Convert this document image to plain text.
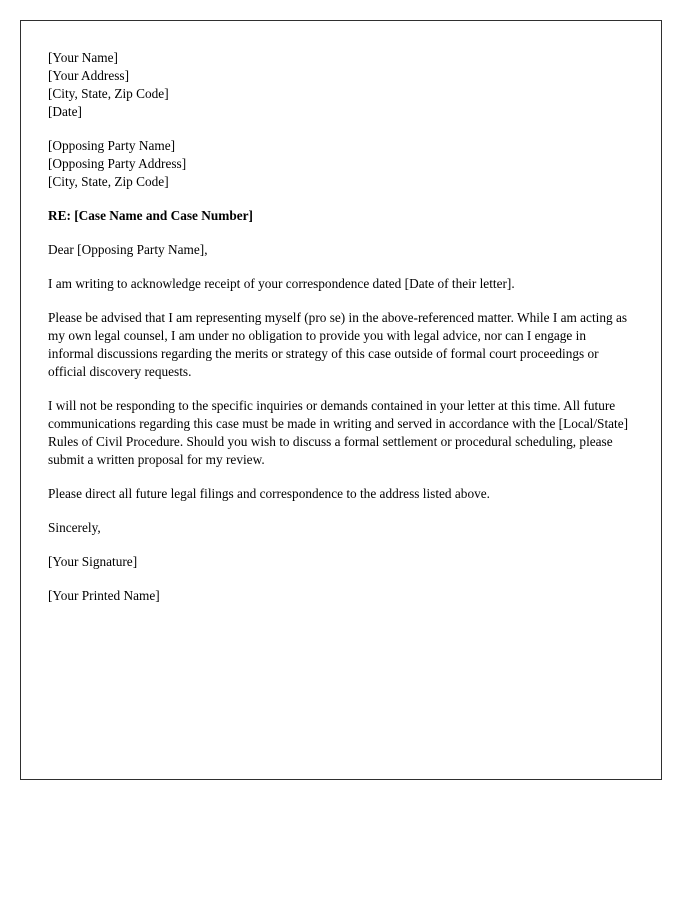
[Your Name]
[Your Address]
[City, State, Zip Code]
[Date]

[Opposing Party Name]
[Opposing Party Address]
[City, State, Zip Code]

RE: [Case Name and Case Number]

Dear [Opposing Party Name],

I am writing to acknowledge receipt of your correspondence dated [Date of their letter].

Please be advised that I am representing myself (pro se) in the above-referenced matter. While I am acting as my own legal counsel, I am under no obligation to provide you with legal advice, nor can I engage in informal discussions regarding the merits or strategy of this case outside of formal court proceedings or official discovery requests.

I will not be responding to the specific inquiries or demands contained in your letter at this time. All future communications regarding this case must be made in writing and served in accordance with the [Local/State] Rules of Civil Procedure. Should you wish to discuss a formal settlement or procedural scheduling, please submit a written proposal for my review.

Please direct all future legal filings and correspondence to the address listed above.

Sincerely,

[Your Signature]

[Your Printed Name]
